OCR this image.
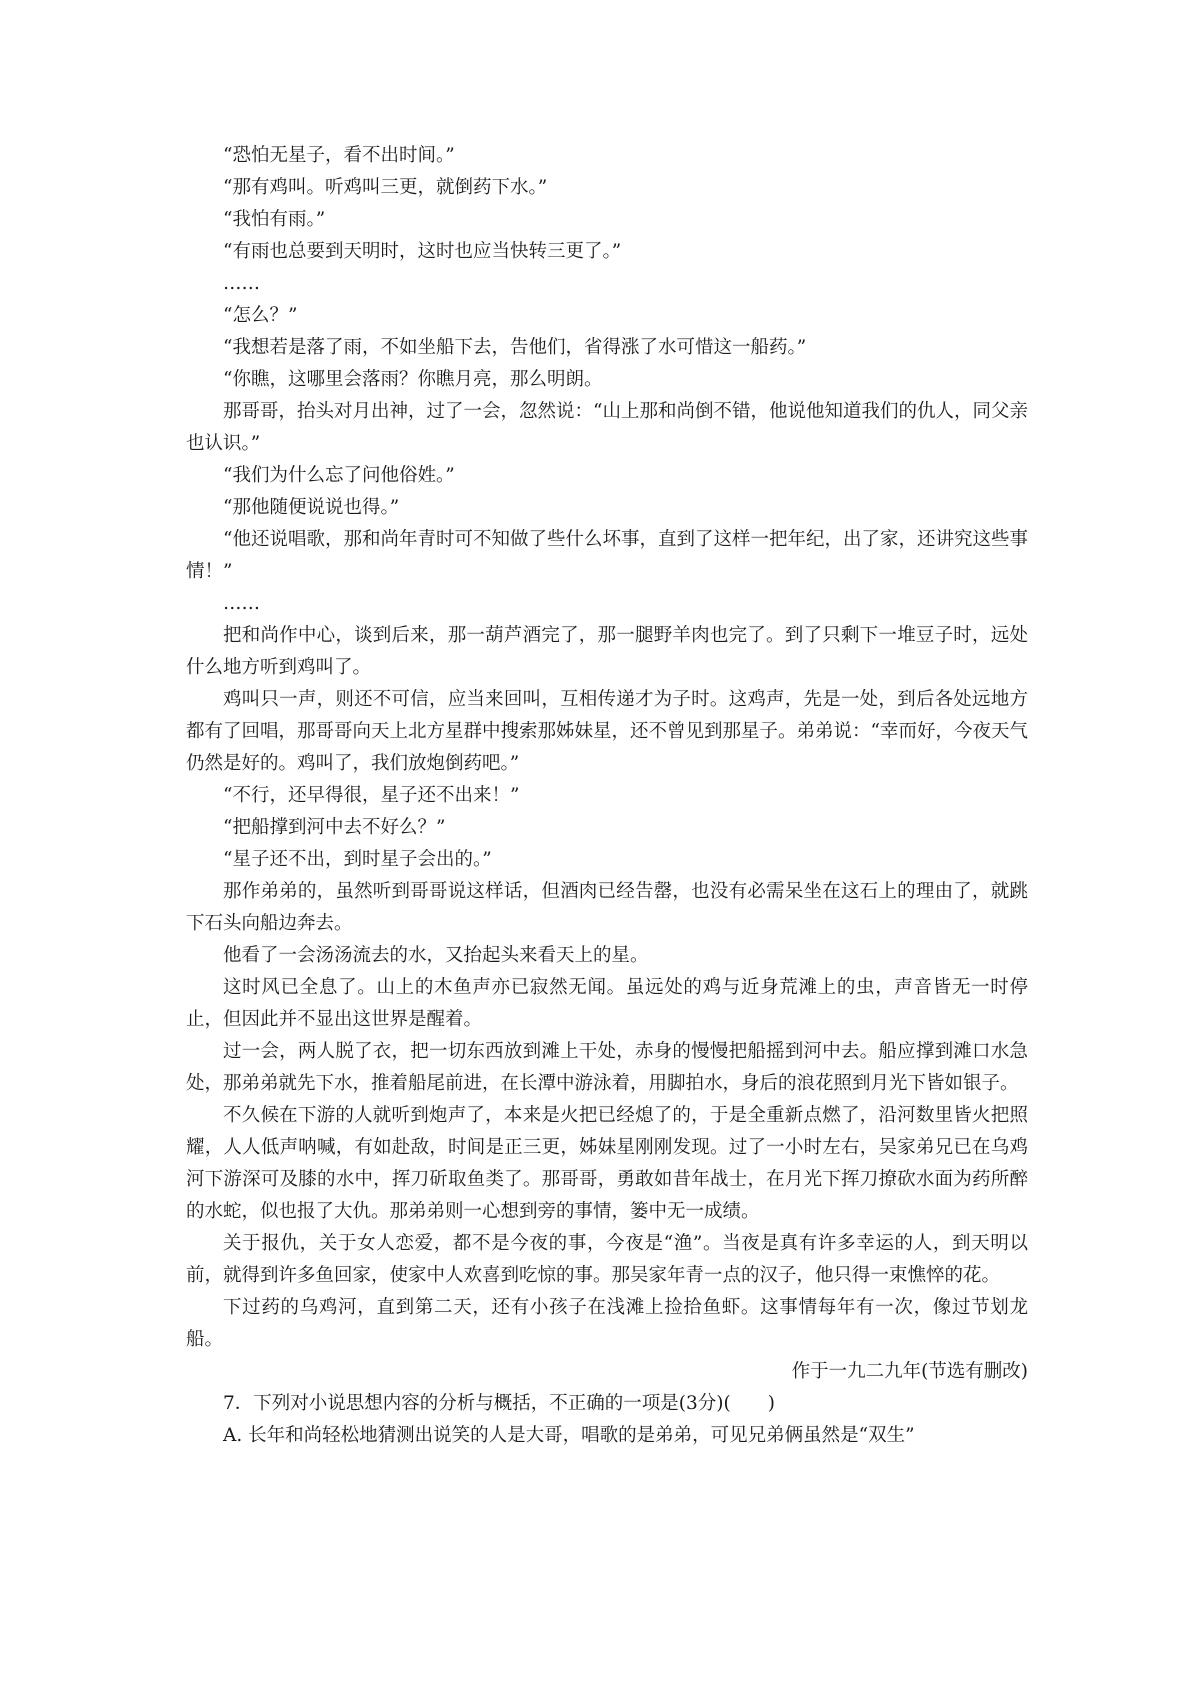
“恐怕无星子，看不出时间。”

“那有鸡叫。听鸡叫三更，就倒药下水。”

“我怕有雨。”

“有雨也总要到天明时，这时也应当快转三更了。”

……

“怎么？”

“我想若是落了雨，不如坐船下去，告他们，省得涨了水可惜这一船药。”

“你瞧，这哪里会落雨？你瞧月亮，那么明朗。

那哥哥，抬头对月出神，过了一会，忽然说：“山上那和尚倒不错，他说他知道我们的仇人，同父亲也认识。”

“我们为什么忘了问他俗姓。”

“那他随便说说也得。”

“他还说唱歌，那和尚年青时可不知做了些什么坏事，直到了这样一把年纪，出了家，还讲究这些事情！”

……

把和尚作中心，谈到后来，那一葫芦酒完了，那一腿野羊肉也完了。到了只剩下一堆豆子时，远处什么地方听到鸡叫了。

鸡叫只一声，则还不可信，应当来回叫，互相传递才为子时。这鸡声，先是一处，到后各处远地方都有了回唱，那哥哥向天上北方星群中搜索那姊妹星，还不曾见到那星子。弟弟说：“幸而好，今夜天气仍然是好的。鸡叫了，我们放炮倒药吧。”

“不行，还早得很，星子还不出来！”

“把船撑到河中去不好么？”

“星子还不出，到时星子会出的。”

那作弟弟的，虽然听到哥哥说这样话，但酒肉已经告罄，也没有必需呆坐在这石上的理由了，就跳下石头向船边奔去。

他看了一会汤汤流去的水，又抬起头来看天上的星。

这时风已全息了。山上的木鱼声亦已寂然无闻。虽远处的鸡与近身荒滩上的虫，声音皆无一时停止，但因此并不显出这世界是醒着。

过一会，两人脱了衣，把一切东西放到滩上干处，赤身的慢慢把船摇到河中去。船应撑到滩口水急处，那弟弟就先下水，推着船尾前进，在长潭中游泳着，用脚拍水，身后的浪花照到月光下皆如银子。

不久候在下游的人就听到炮声了，本来是火把已经熄了的，于是全重新点燃了，沿河数里皆火把照耀，人人低声呐喊，有如赴敌，时间是正三更，姊妹星刚刚发现。过了一小时左右，吴家弟兄已在乌鸡河下游深可及膝的水中，挥刀斫取鱼类了。那哥哥，勇敢如昔年战士，在月光下挥刀撩砍水面为药所醉的水蛇，似也报了大仇。那弟弟则一心想到旁的事情，篓中无一成绩。

关于报仇，关于女人恋爱，都不是今夜的事，今夜是“渔”。当夜是真有许多幸运的人，到天明以前，就得到许多鱼回家，使家中人欢喜到吃惊的事。那吴家年青一点的汉子，他只得一束憔悴的花。

下过药的乌鸡河，直到第二天，还有小孩子在浅滩上捡拾鱼虾。这事情每年有一次，像过节划龙船。

作于一九二九年(节选有删改)

7．下列对小说思想内容的分析与概括，不正确的一项是(3分)(　　)

A. 长年和尚轻松地猜测出说笑的人是大哥，唱歌的是弟弟，可见兄弟俩虽然是“双生”
